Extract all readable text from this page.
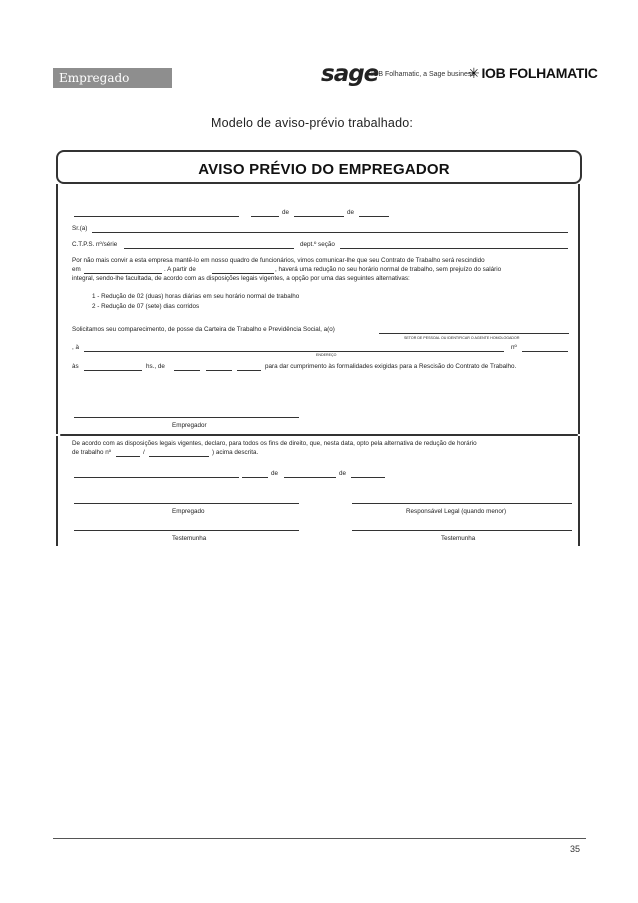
Empregado Doméstico
sage
IOB Folhamatic, a Sage business
✳ IOB FOLHAMATIC
Modelo de aviso-prévio trabalhado:
AVISO PRÉVIO DO EMPREGADOR
de	de
Sr.(a)
C.T.P.S. nº/série	dept.º seção
Por não mais convir a esta empresa mantê-lo em nosso quadro de funcionários, vimos comunicar-lhe que seu Contrato de Trabalho será rescindido
em	. A partir de	, haverá uma redução no seu horário normal de trabalho, sem prejuízo do salário
integral, sendo-lhe facultada, de acordo com as disposições legais vigentes, a opção por uma das seguintes alternativas:
1 - Redução de 02 (duas) horas diárias em seu horário normal de trabalho
2 - Redução de 07 (sete) dias corridos
Solicitamos seu comparecimento, de posse da Carteira de Trabalho e Previdência Social, a(o)
SETOR DE PESSOAL OU IDENTIFICAR O AGENTE HOMOLOGADOR
, à
ENDEREÇO
nº
às	hs., de	para dar cumprimento às formalidades exigidas para a Rescisão do Contrato de Trabalho.
Empregador
De acordo com as disposições legais vigentes, declaro, para todos os fins de direito, que, nesta data, opto pela alternativa de redução de horário
de trabalho nº	/	) acima descrita.
de	de
Empregado	Responsável Legal (quando menor)
Testemunha	Testemunha
35
